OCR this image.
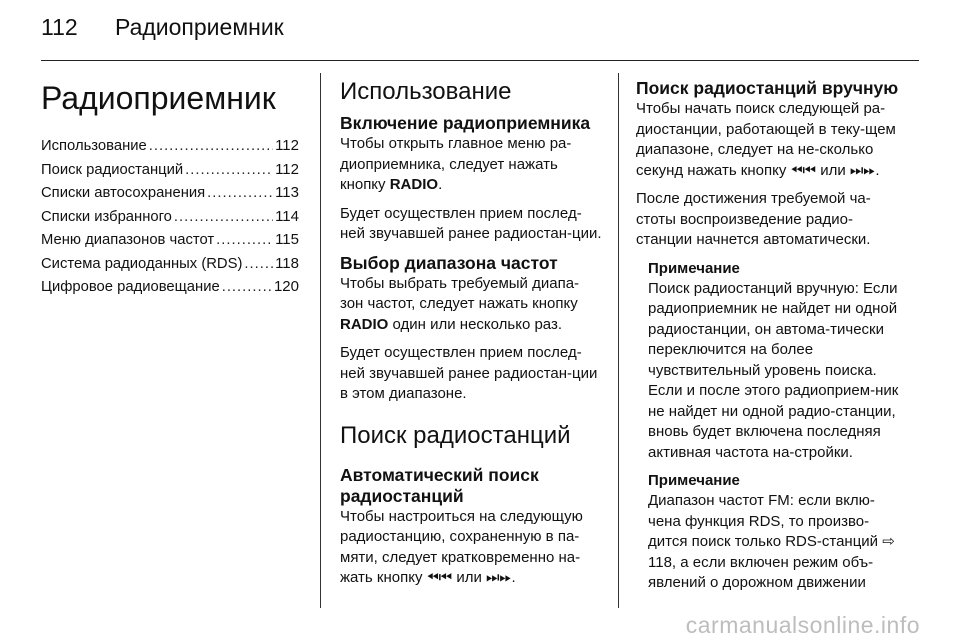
112 Радиоприемник
Радиоприемник
Использование .....	112
Поиск радиостанций .....	112
Списки автосохранения .....	113
Списки избранного .....	114
Меню диапазонов частот .....	115
Система радиоданных (RDS) ..... 118
Цифровое радиовещание .....	120
Использование
Включение радиоприемника

Чтобы открыть главное меню ра-диоприемника, следует нажать кнопку RADIO.

Будет осуществлен прием послед-ней звучавшей ранее радиостан-ции.

Выбор диапазона частот

Чтобы выбрать требуемый диапа-зон частот, следует нажать кнопку RADIO один или несколько раз.

Будет осуществлен прием послед-ней звучавшей ранее радиостан-ции в этом диапазоне.

Поиск радиостанций
Автоматический поиск радиостанций

Чтобы настроиться на следующую радиостанцию, сохраненную в па-мяти, следует кратковременно на-жать кнопку ⏪︎⏮︎ или ⏭︎⏩︎.

Поиск радиостанций вручную

Чтобы начать поиск следующей ра-диостанции, работающей в теку-щем диапазоне, следует на не-сколько секунд нажать кнопку ⏪︎⏮︎ или ⏭︎⏩︎.

После достижения требуемой ча-стоты воспроизведение радио-станции начнется автоматически.

Примечание

Поиск радиостанций вручную: Если радиоприемник не найдет ни одной радиостанции, он автома-тически переключится на более чувствительный уровень поиска. Если и после этого радиоприем-ник не найдет ни одной радио-станции, вновь будет включена последняя активная частота на-стройки.

Примечание

Диапазон частот FM: если вклю-чена функция RDS, то произво-дится поиск только RDS-станций ⇨ 118, а если включен режим объ-явлений о дорожном движении

carmanualsonline.info
